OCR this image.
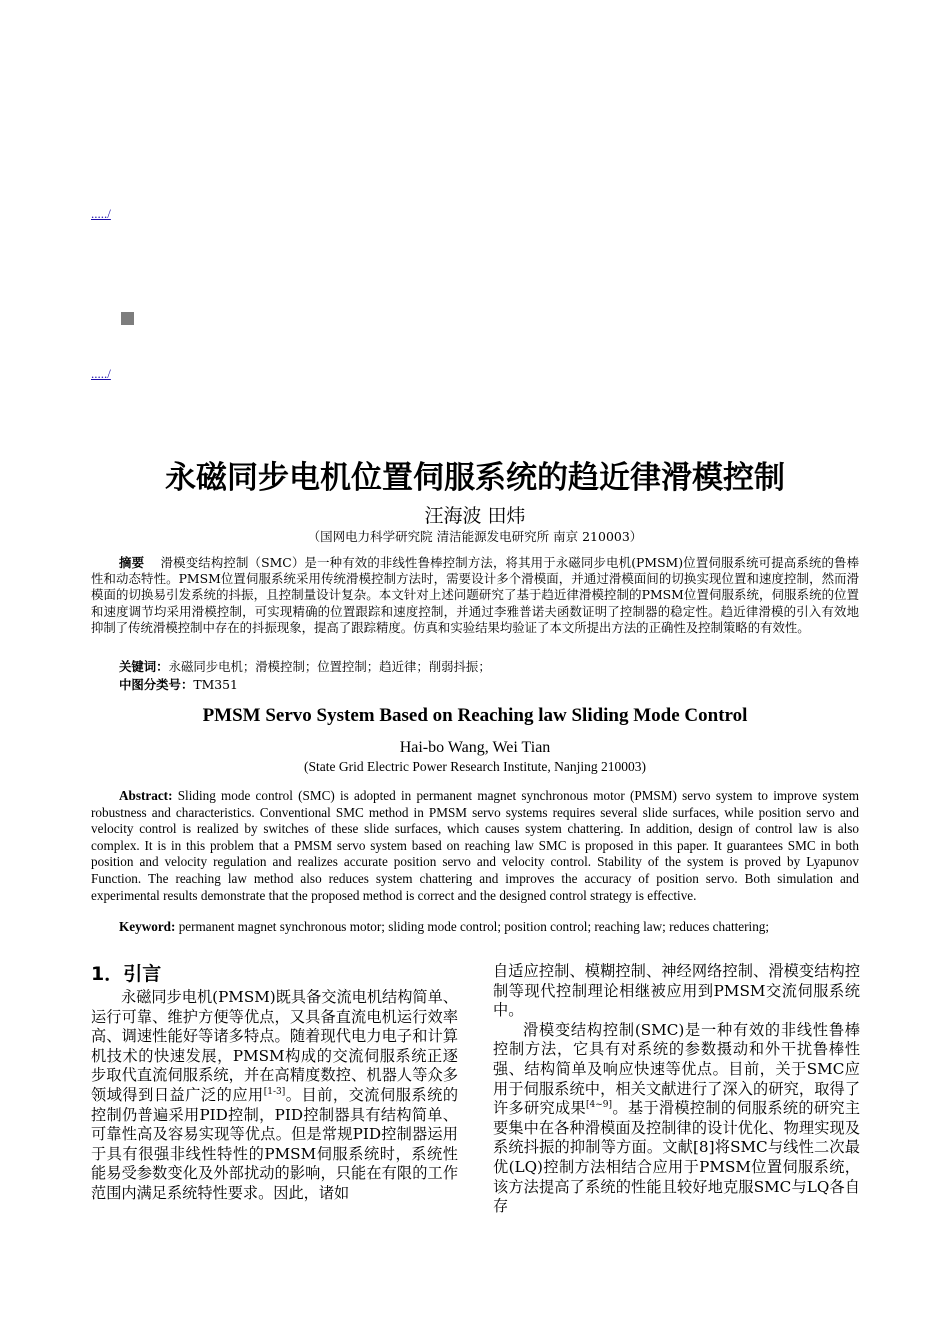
...../
...../
永磁同步电机位置伺服系统的趋近律滑模控制
汪海波 田炜
（国网电力科学研究院 清洁能源发电研究所 南京 210003）
摘要 滑模变结构控制（SMC）是一种有效的非线性鲁棒控制方法，将其用于永磁同步电机(PMSM)位置伺服系统可提高系统的鲁棒性和动态特性。PMSM位置伺服系统采用传统滑模控制方法时，需要设计多个滑模面，并通过滑模面间的切换实现位置和速度控制，然而滑模面的切换易引发系统的抖振，且控制量设计复杂。本文针对上述问题研究了基于趋近律滑模控制的PMSM位置伺服系统，伺服系统的位置和速度调节均采用滑模控制，可实现精确的位置跟踪和速度控制，并通过李雅普诺夫函数证明了控制器的稳定性。趋近律滑模的引入有效地抑制了传统滑模控制中存在的抖振现象，提高了跟踪精度。仿真和实验结果均验证了本文所提出方法的正确性及控制策略的有效性。
关键词：永磁同步电机；滑模控制；位置控制；趋近律；削弱抖振；
中图分类号：TM351
PMSM Servo System Based on Reaching law Sliding Mode Control
Hai-bo Wang, Wei Tian
(State Grid Electric Power Research Institute, Nanjing 210003)
Abstract: Sliding mode control (SMC) is adopted in permanent magnet synchronous motor (PMSM) servo system to improve system robustness and characteristics. Conventional SMC method in PMSM servo systems requires several slide surfaces, while position servo and velocity control is realized by switches of these slide surfaces, which causes system chattering. In addition, design of control law is also complex. It is in this problem that a PMSM servo system based on reaching law SMC is proposed in this paper. It guarantees SMC in both position and velocity regulation and realizes accurate position servo and velocity control. Stability of the system is proved by Lyapunov Function. The reaching law method also reduces system chattering and improves the accuracy of position servo. Both simulation and experimental results demonstrate that the proposed method is correct and the designed control strategy is effective.
Keyword: permanent magnet synchronous motor; sliding mode control; position control; reaching law; reduces chattering;
1．引言

永磁同步电机(PMSM)既具备交流电机结构简单、运行可靠、维护方便等优点，又具备直流电机运行效率高、调速性能好等诸多特点。随着现代电力电子和计算机技术的快速发展，PMSM构成的交流伺服系统正逐步取代直流伺服系统，并在高精度数控、机器人等众多领域得到日益广泛的应用[1-3]。目前，交流伺服系统的控制仍普遍采用PID控制，PID控制器具有结构简单、可靠性高及容易实现等优点。但是常规PID控制器运用于具有很强非线性特性的PMSM伺服系统时，系统性能易受参数变化及外部扰动的影响，只能在有限的工作范围内满足系统特性要求。因此，诸如

自适应控制、模糊控制、神经网络控制、滑模变结构控制等现代控制理论相继被应用到PMSM交流伺服系统中。

滑模变结构控制(SMC)是一种有效的非线性鲁棒控制方法，它具有对系统的参数摄动和外干扰鲁棒性强、结构简单及响应快速等优点。目前，关于SMC应用于伺服系统中，相关文献进行了深入的研究，取得了许多研究成果[4~9]。基于滑模控制的伺服系统的研究主要集中在各种滑模面及控制律的设计优化、物理实现及系统抖振的抑制等方面。文献[8]将SMC与线性二次最优(LQ)控制方法相结合应用于PMSM位置伺服系统，该方法提高了系统的性能且较好地克服SMC与LQ各自存
